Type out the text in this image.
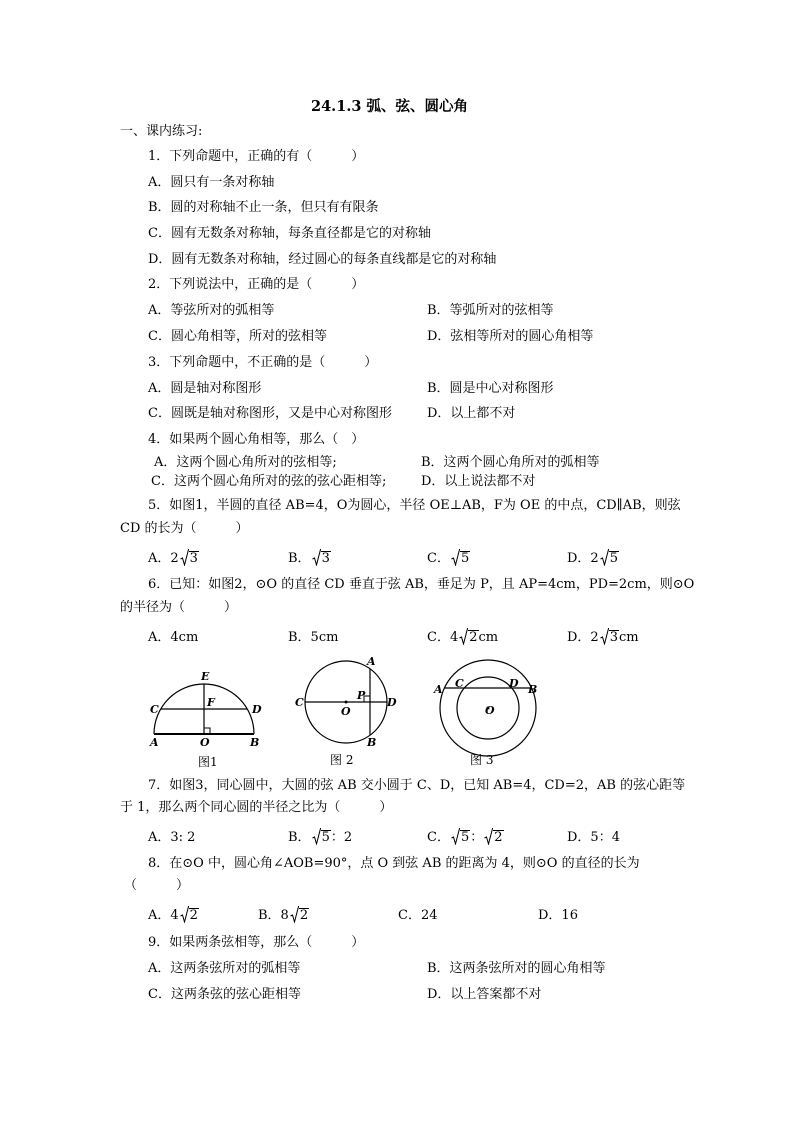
24.1.3 弧、弦、圆心角
一、课内练习:
1．下列命题中，正确的有（　　　）
A．圆只有一条对称轴
B．圆的对称轴不止一条，但只有有限条
C．圆有无数条对称轴，每条直径都是它的对称轴
D．圆有无数条对称轴，经过圆心的每条直线都是它的对称轴
2．下列说法中，正确的是（　　　）
A．等弦所对的弧相等	B．等弧所对的弦相等
C．圆心角相等，所对的弦相等	D．弦相等所对的圆心角相等
3．下列命题中，不正确的是（　　　）
A．圆是轴对称图形	B．圆是中心对称图形
C．圆既是轴对称图形，又是中心对称图形	D．以上都不对
4．如果两个圆心角相等，那么（　）
A．这两个圆心角所对的弦相等;	B．这两个圆心角所对的弧相等
C．这两个圆心角所对的弦的弦心距相等;	D．以上说法都不对
5．如图1，半圆的直径 AB=4，O为圆心，半径 OE⊥AB，F为 OE 的中点，CD∥AB，则弦
CD 的长为（　　　）
A．2 3	B． 3	C． 5	D．2 5
6．已知：如图2，⊙O 的直径 CD 垂直于弦 AB，垂足为 P，且 AP=4cm，PD=2cm，则⊙O
的半径为（　　　）
A．4cm	B．5cm	C．4 2cm	D．2 3cm
E
C
F
D
A	O	B
图1
A
C
O
P
D
B
图 2
A C	D B
O
图 3
7．如图3，同心圆中，大圆的弦 AB 交小圆于 C、D，已知 AB=4，CD=2，AB 的弦心距等
于 1，那么两个同心圆的半径之比为（　　　）
A．3: 2	B． 5：2	C． 5： 2	D．5：4
8．在⊙O 中，圆心角∠AOB=90°，点 O 到弦 AB 的距离为 4，则⊙O 的直径的长为
（　　　）
A．4 2	B．8 2	C．24	D．16
9．如果两条弦相等，那么（　　　）
A．这两条弦所对的弧相等	B．这两条弦所对的圆心角相等
C．这两条弦的弦心距相等	D．以上答案都不对
